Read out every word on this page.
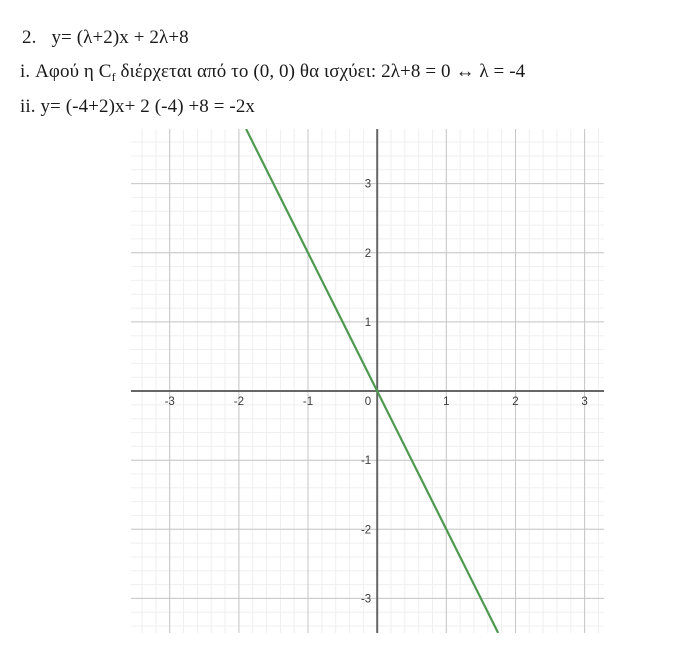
2. y= (λ+2)x + 2λ+8
i. Αφού η $C_f$ διέρχεται από το (0, 0) θα ισχύει: 2λ+8 = 0 ↔ λ = -4
ii. y= (-4+2)x+ 2 (-4) +8 = -2x
-3	-2	-1	0	1	2	3
-3
-2
-1
1
2
3
